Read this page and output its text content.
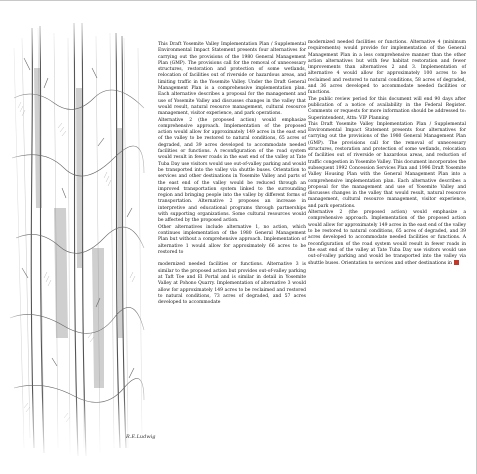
R.E.Ludwig

This Draft Yosemite Valley Implementation Plan / Supplemental Environmental Impact Statement presents four alternatives for carrying out the provisions of the 1980 General Management Plan (GMP). The provisions call for the removal of unnecessary structures, restoration and protection of some wetlands, relocation of facilities out of riverside or hazardous areas, and limiting traffic in the Yosemite Valley. Under the Draft General Management Plan is a comprehensive implementation plan. Each alternative describes a proposal for the management and use of Yosemite Valley and discusses changes in the valley that would result, natural resource management, cultural resource management, visitor experience, and park operations.

Alternative 2 (the proposed action) would emphasize comprehensive approach. Implementation of the proposed action would allow for approximately 149 acres in the east end of the valley to be restored to natural conditions, 65 acres of degraded, and 39 acres developed to accommodate needed facilities or functions. A reconfiguration of the road system would result in fewer roads in the east end of the valley at Tate Tuba Day use visitors would use out-of-valley parking and would be transported into the valley via shuttle buses. Orientation to services and other destinations in Yosemite Valley and parts of the east end of the valley would be reduced through an improved transportation system linked to the surrounding region and bringing people into the valley by different forms of transportation. Alternative 2 proposes an increase in interpretive and educational programs through partnerships with supporting organizations. Some cultural resources would be affected by the proposed action.

Other alternatives include alternative 1, no action, which continues implementation of the 1980 General Management Plan but without a comprehensive approach. Implementation of alternative 1 would allow for approximately 66 acres to be restored to

modernized needed facilities or functions. Alternative 3 is similar to the proposed action but provides out-of-valley parking at Taft Toe and El Portal and is similar in detail in Yosemite Valley at Pohono Quarry. Implementation of alternative 3 would allow for approximately 149 acres to be reclaimed and restored to natural conditions, 73 acres of degraded, and 57 acres developed to accommodate

modernized needed facilities or functions. Alternative 4 (minimum requirements) would provide for implementation of the General Management Plan in a less comprehensive manner than the other action alternatives but with few habitat restoration and fewer improvements than alternatives 2 and 3. Implementation of alternative 4 would allow for approximately 100 acres to be reclaimed and restored to natural conditions, 58 acres of degraded, and 36 acres developed to accommodate needed facilities or functions.

The public review period for this document will end 90 days after publication of a notice of availability in the Federal Register. Comments or requests for more information should be addressed to: Superintendent, Attn: VIP Planning

This Draft Yosemite Valley Implementation Plan / Supplemental Environmental Impact Statement presents four alternatives for carrying out the provisions of the 1980 General Management Plan (GMP). The provisions call for the removal of unnecessary structures, restoration and protection of some wetlands, relocation of facilities out of riverside or hazardous areas, and reduction of traffic congestion in Yosemite Valley. This document incorporates the subsequent 1992 Concession Services Plan and 1996 Draft Yosemite Valley Housing Plan with the General Management Plan into a comprehensive implementation plan. Each alternative describes a proposal for the management and use of Yosemite Valley and discusses changes in the valley that would result, natural resource management, cultural resource management, visitor experience, and park operations.

Alternative 2 (the proposed action) would emphasize a comprehensive approach. Implementation of the proposed action would allow for approximately 149 acres in the east end of the valley to be restored to natural conditions, 65 acres of degraded, and 39 acres developed to accommodate needed facilities or functions. A reconfiguration of the road system would result in fewer roads in the east end of the valley at Tate Tuba Day use visitors would use out-of-valley parking and would be transported into the valley via shuttle buses. Orientation to services and other destinations in
